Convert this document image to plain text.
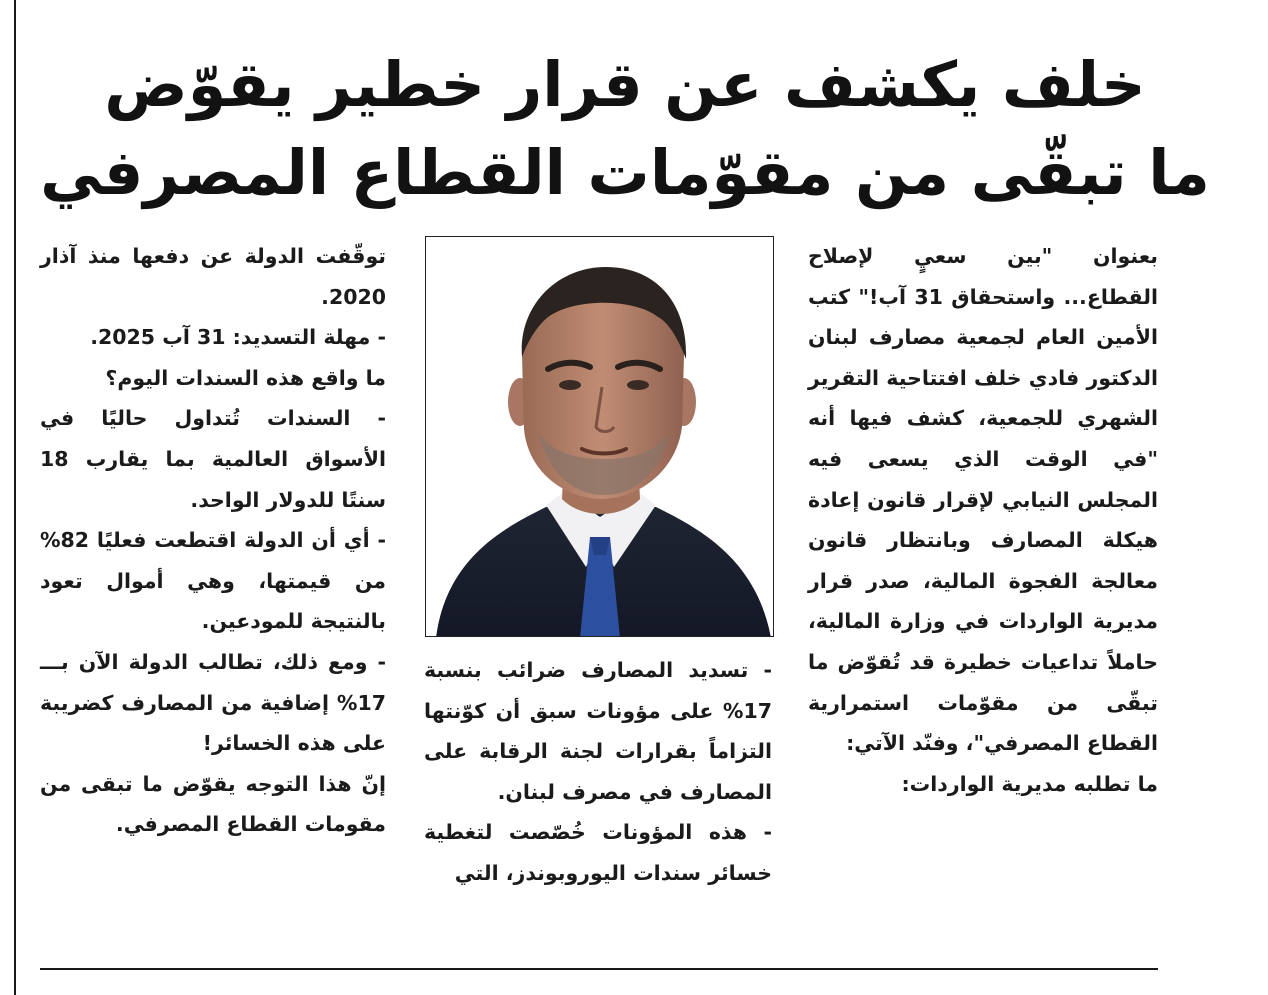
خلف يكشف عن قرار خطير يقوّض
ما تبقّى من مقوّمات القطاع المصرفي

بعنوان "بين سعيٍ لإصلاح القطاع... واستحقاق 31 آب!" كتب الأمين العام لجمعية مصارف لبنان الدكتور فادي خلف افتتاحية التقرير الشهري للجمعية، كشف فيها أنه "في الوقت الذي يسعى فيه المجلس النيابي لإقرار قانون إعادة هيكلة المصارف وبانتظار قانون معالجة الفجوة المالية، صدر قرار مديرية الواردات في وزارة المالية، حاملاً تداعيات خطيرة قد تُقوّض ما تبقّى من مقوّمات استمرارية القطاع المصرفي"، وفنّد الآتي:

ما تطلبه مديرية الواردات:

- تسديد المصارف ضرائب بنسبة 17% على مؤونات سبق أن كوّنتها التزاماً بقرارات لجنة الرقابة على المصارف في مصرف لبنان.

- هذه المؤونات خُصّصت لتغطية خسائر سندات اليوروبوندز، التي

توقّفت الدولة عن دفعها منذ آذار 2020.

- مهلة التسديد: 31 آب 2025.

ما واقع هذه السندات اليوم؟

- السندات تُتداول حاليًا في الأسواق العالمية بما يقارب 18 سنتًا للدولار الواحد.

- أي أن الدولة اقتطعت فعليًا 82% من قيمتها، وهي أموال تعود بالنتيجة للمودعين.

- ومع ذلك، تطالب الدولة الآن بـــ 17% إضافية من المصارف كضريبة على هذه الخسائر!

إنّ هذا التوجه يقوّض ما تبقى من مقومات القطاع المصرفي.
